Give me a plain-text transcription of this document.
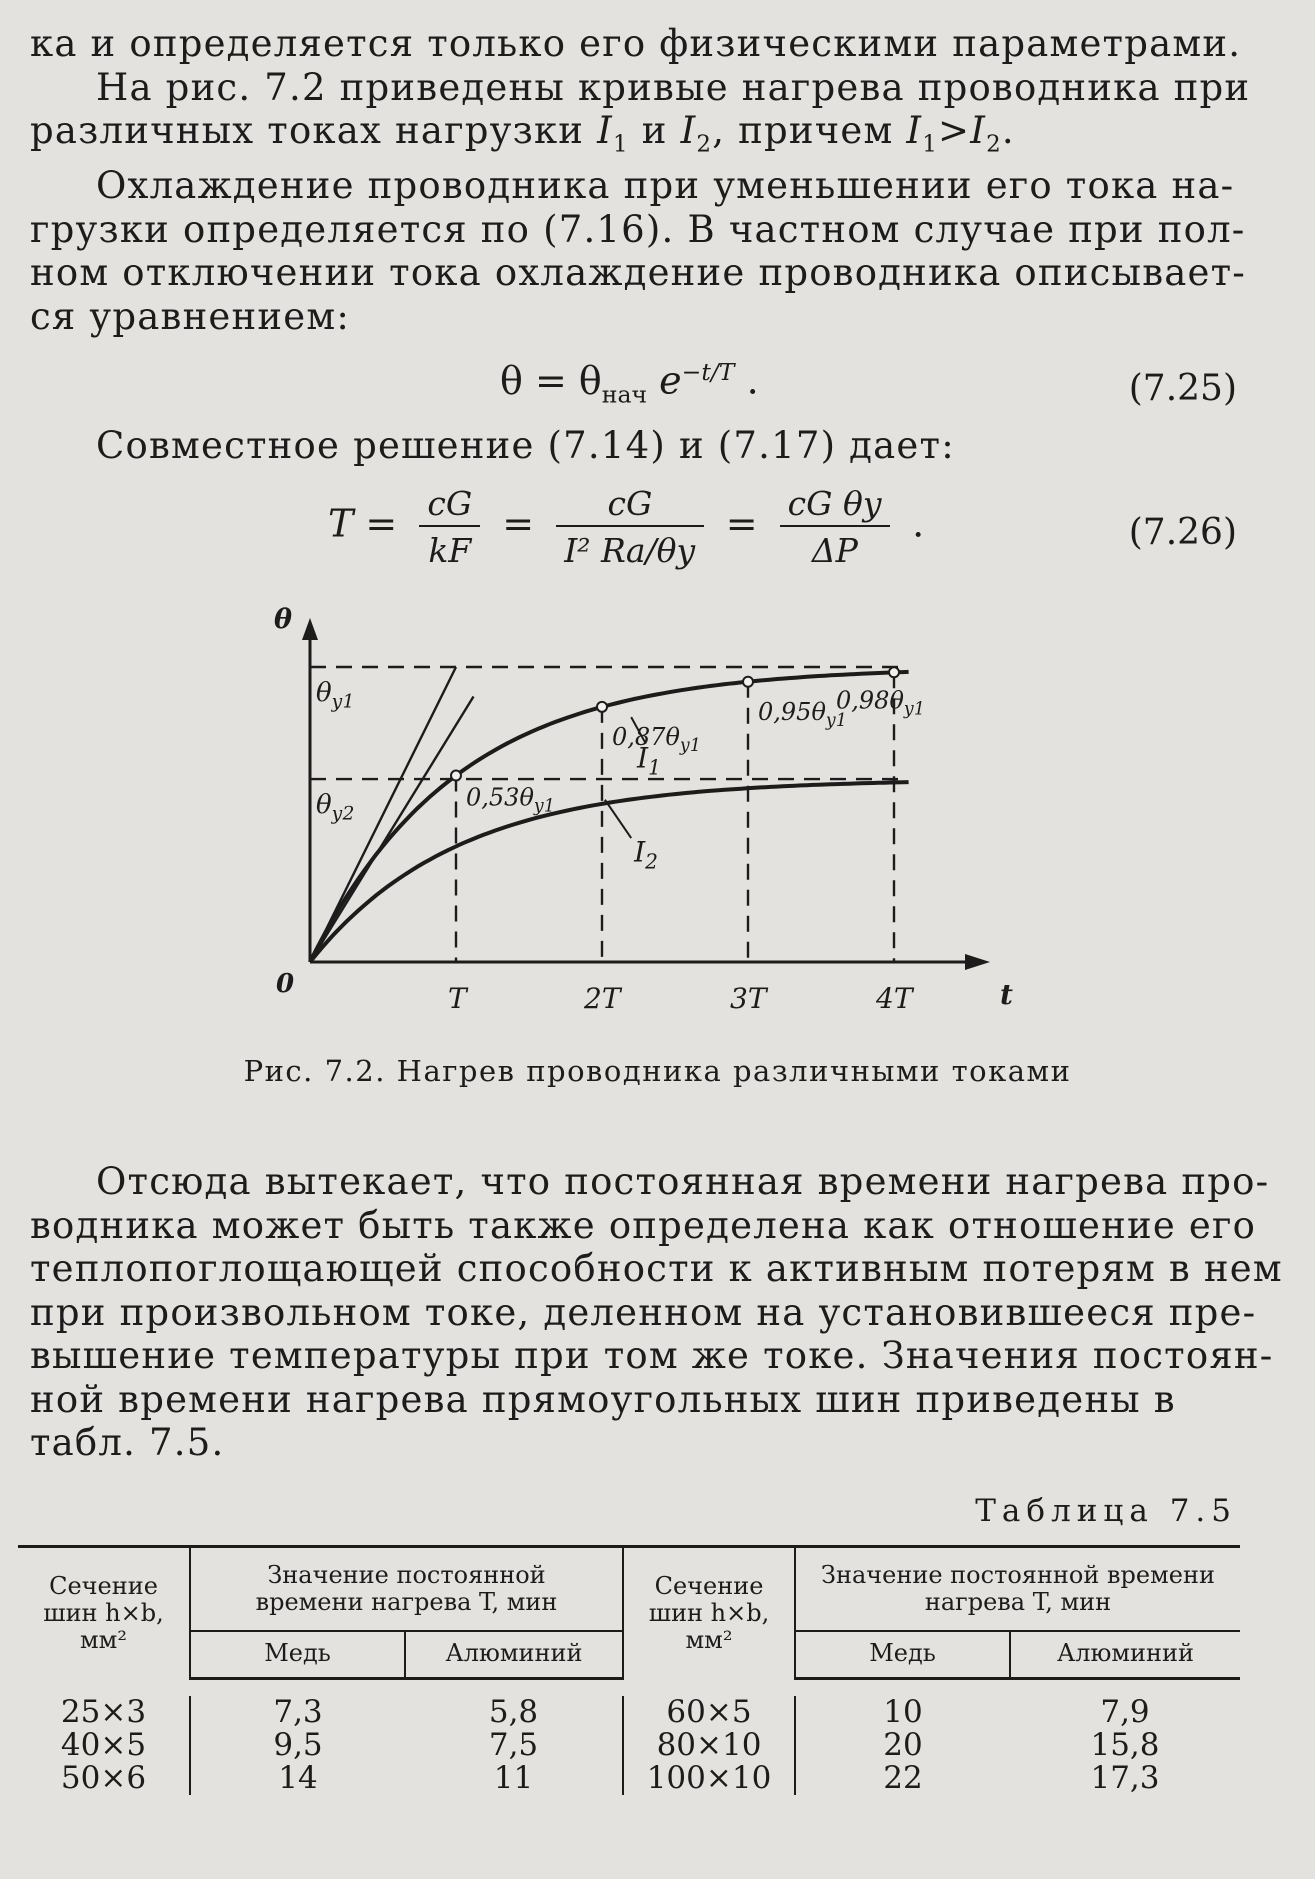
ка и определяется только его физическими параметрами.
На рис. 7.2 приведены кривые нагрева проводника при
различных токах нагрузки $I_1$ и $I_2$, причем $I_1>I_2$.

Охлаждение проводника при уменьшении его тока на-
грузки определяется по (7.16). В частном случае при пол-
ном отключении тока охлаждение проводника описывает-
ся уравнением:

$\theta = \theta_{нач}$ $e^{-t/T}$ .	(7.25)

Совместное решение (7.14) и (7.17) дает:

$T = \frac{cG}{kF} = \frac{cG}{\text{I² Rа/θу}} = \frac{\text{cG θу}}{\Delta P}$ .	(7.26)
θ
t
0	T	2T	3T	4T
$\theta_{у1}$
$\theta_{у2}$
$0,53\theta_{у1}$
$0,87\theta_{у1}$
$0,95\theta_{у1}$
$0,98\theta_{у1}$
$I_1$
$I_2$
Рис. 7.2. Нагрев проводника различными токами

Отсюда вытекает, что постоянная времени нагрева про-
водника может быть также определена как отношение его
теплопоглощающей способности к активным потерям в нем
при произвольном токе, деленном на установившееся пре-
вышение температуры при том же токе. Значения постоян-
ной времени нагрева прямоугольных шин приведены в
табл. 7.5.

Таблица 7.5
Сечение шин h×b, мм²	Значение постоянной времени нагрева T, мин		Сечение шин h×b, мм²	Значение постоянной времени нагрева T, мин	
	Медь	Алюминий		Медь	Алюминий

25×3	7,3	5,8	60×5	10	7,9
40×5	9,5	7,5	80×10	20	15,8
50×6	14	11	100×10	22	17,3
